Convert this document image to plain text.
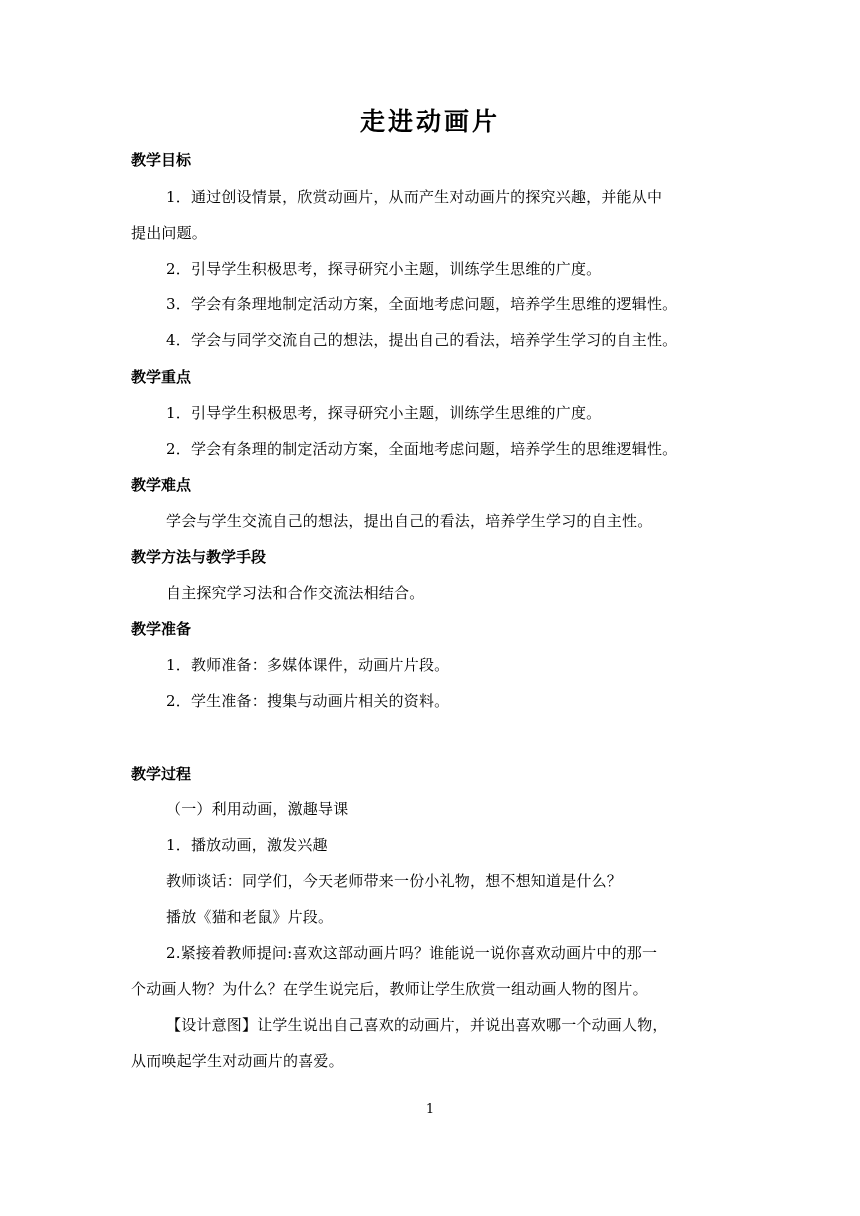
走进动画片
教学目标
1．通过创设情景，欣赏动画片，从而产生对动画片的探究兴趣，并能从中
提出问题。
2．引导学生积极思考，探寻研究小主题，训练学生思维的广度。
3．学会有条理地制定活动方案，全面地考虑问题，培养学生思维的逻辑性。
4．学会与同学交流自己的想法，提出自己的看法，培养学生学习的自主性。
教学重点
1．引导学生积极思考，探寻研究小主题，训练学生思维的广度。
2．学会有条理的制定活动方案，全面地考虑问题，培养学生的思维逻辑性。
教学难点
学会与学生交流自己的想法，提出自己的看法，培养学生学习的自主性。
教学方法与教学手段
自主探究学习法和合作交流法相结合。
教学准备
1．教师准备：多媒体课件，动画片片段。
2．学生准备：搜集与动画片相关的资料。
教学过程
（一）利用动画，激趣导课
1．播放动画，激发兴趣
教师谈话：同学们，今天老师带来一份小礼物，想不想知道是什么？
播放《猫和老鼠》片段。
2.紧接着教师提问:喜欢这部动画片吗？谁能说一说你喜欢动画片中的那一
个动画人物？为什么？在学生说完后，教师让学生欣赏一组动画人物的图片。
【设计意图】让学生说出自己喜欢的动画片，并说出喜欢哪一个动画人物，
从而唤起学生对动画片的喜爱。
1
